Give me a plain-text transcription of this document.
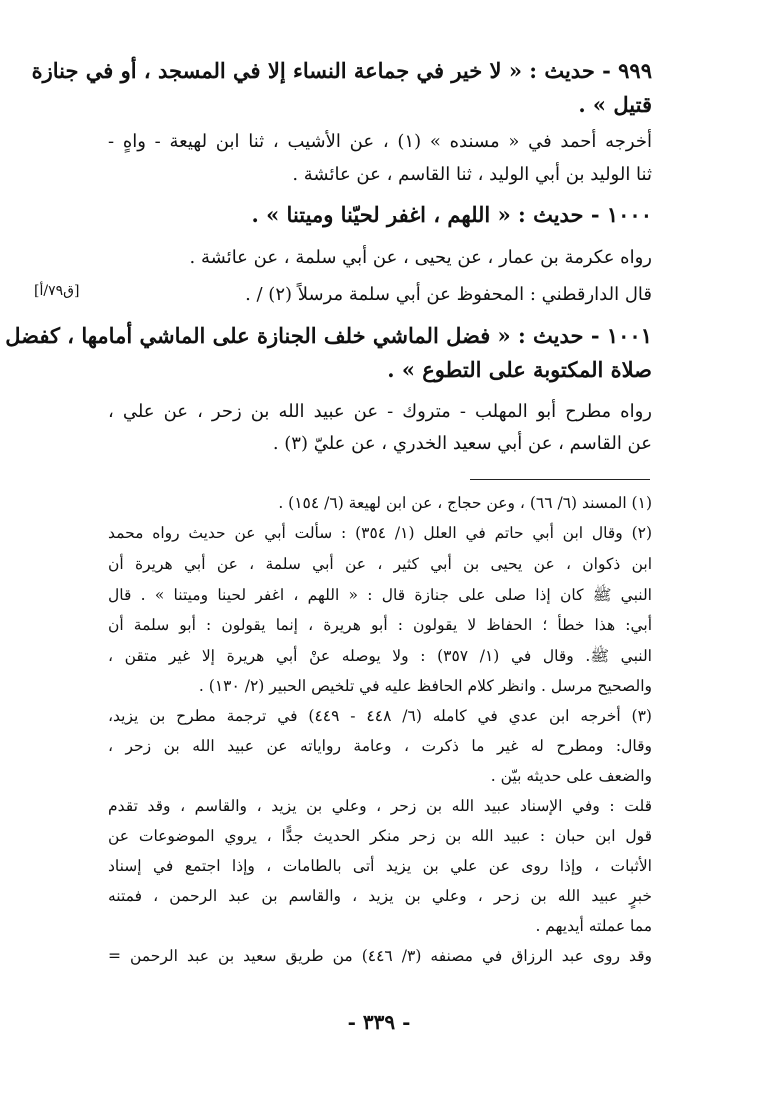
٩٩٩ - حديث : « لا خير في جماعة النساء إلا في المسجد ، أو في جنازة
قتيل » .
أخرجه أحمد في « مسنده » (١) ، عن الأشيب ، ثنا ابن لهيعة - واهٍ -
ثنا الوليد بن أبي الوليد ، ثنا القاسم ، عن عائشة .
١٠٠٠ - حديث : « اللهم ، اغفر لحيّنا وميتنا » .
رواه عكرمة بن عمار ، عن يحيى ، عن أبي سلمة ، عن عائشة .
قال الدارقطني : المحفوظ عن أبي سلمة مرسلاً (٢) / .
[ق٧٩/أ]
١٠٠١ - حديث : « فضل الماشي خلف الجنازة على الماشي أمامها ، كفضل
صلاة المكتوبة على التطوع » .
رواه مطرح أبو المهلب - متروك - عن عبيد الله بن زحر ، عن علي ،
عن القاسم ، عن أبي سعيد الخدري ، عن عليّ (٣) .
(١) المسند (٦/ ٦٦) ، وعن حجاج ، عن ابن لهيعة (٦/ ١٥٤) .
(٢) وقال ابن أبي حاتم في العلل (١/ ٣٥٤) : سألت أبي عن حديث رواه محمد
ابن ذكوان ، عن يحيى بن أبي كثير ، عن أبي سلمة ، عن أبي هريرة أن
النبي ﷺ كان إذا صلى على جنازة قال : « اللهم ، اغفر لحينا وميتنا » . قال
أبي: هذا خطأ ؛ الحفاظ لا يقولون : أبو هريرة ، إنما يقولون : أبو سلمة أن
النبي ﷺ. وقال في (١/ ٣٥٧) : ولا يوصله عنْ أبي هريرة إلا غير متقن ،
والصحيح مرسل . وانظر كلام الحافظ عليه في تلخيص الحبير (٢/ ١٣٠) .
(٣) أخرجه ابن عدي في كامله (٦/ ٤٤٨ - ٤٤٩) في ترجمة مطرح بن يزيد،
وقال: ومطرح له غير ما ذكرت ، وعامة رواياته عن عبيد الله بن زحر ،
والضعف على حديثه بيّن .
قلت : وفي الإسناد عبيد الله بن زحر ، وعلي بن يزيد ، والقاسم ، وقد تقدم
قول ابن حبان : عبيد الله بن زحر منكر الحديث جدًّا ، يروي الموضوعات عن
الأثبات ، وإذا روى عن علي بن يزيد أتى بالطامات ، وإذا اجتمع في إسناد
خبرٍ عبيد الله بن زحر ، وعلي بن يزيد ، والقاسم بن عبد الرحمن ، فمتنه
مما عملته أيديهم .
وقد روى عبد الرزاق في مصنفه (٣/ ٤٤٦) من طريق سعيد بن عبد الرحمن =
- ٣٣٩ -
